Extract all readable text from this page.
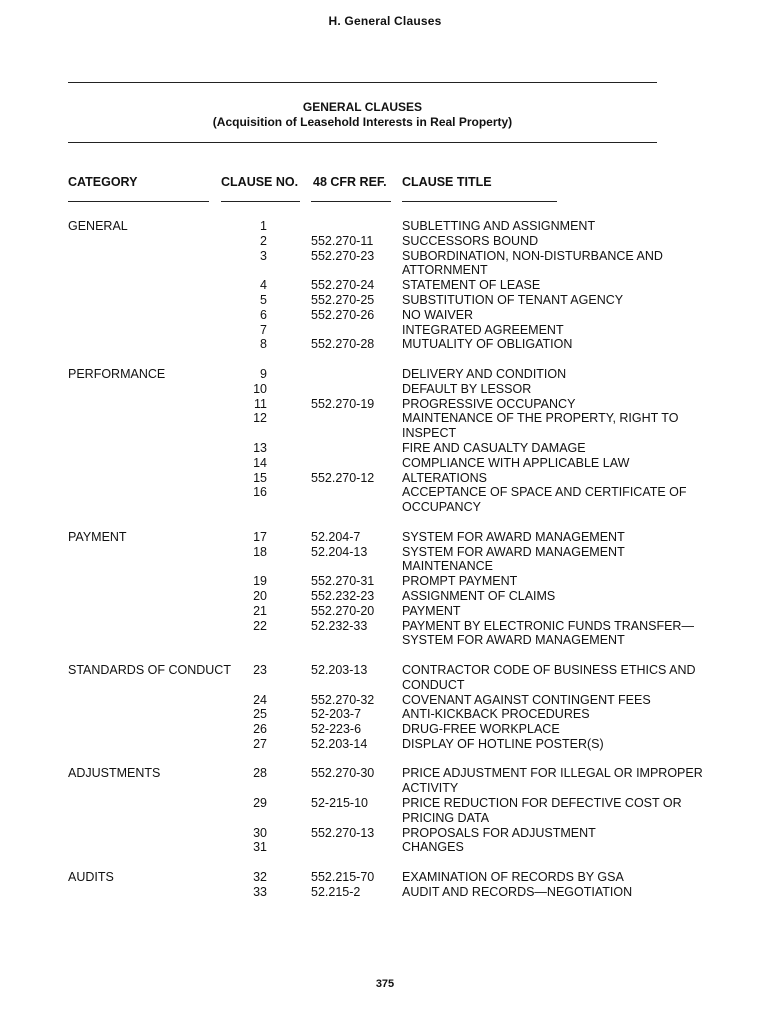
H. General Clauses
GENERAL CLAUSES
(Acquisition of Leasehold Interests in Real Property)
CATEGORY	CLAUSE NO. 48 CFR REF. CLAUSE TITLE
GENERAL	1	SUBLETTING AND ASSIGNMENT
2	552.270-11 SUCCESSORS BOUND
3	552.270-23 SUBORDINATION, NON-DISTURBANCE AND ATTORNMENT
4	552.270-24 STATEMENT OF LEASE
5	552.270-25 SUBSTITUTION OF TENANT AGENCY
6	552.270-26 NO WAIVER
7	INTEGRATED AGREEMENT
8	552.270-28 MUTUALITY OF OBLIGATION
PERFORMANCE	9	DELIVERY AND CONDITION
10	DEFAULT BY LESSOR
11	552.270-19 PROGRESSIVE OCCUPANCY
12	MAINTENANCE OF THE PROPERTY, RIGHT TO INSPECT
13	FIRE AND CASUALTY DAMAGE
14	COMPLIANCE WITH APPLICABLE LAW
15	552.270-12 ALTERATIONS
16	ACCEPTANCE OF SPACE AND CERTIFICATE OF OCCUPANCY
PAYMENT	17	52.204-7	SYSTEM FOR AWARD MANAGEMENT
18	52.204-13	SYSTEM FOR AWARD MANAGEMENT MAINTENANCE
19	552.270-31 PROMPT PAYMENT
20	552.232-23 ASSIGNMENT OF CLAIMS
21	552.270-20 PAYMENT
22	52.232-33	PAYMENT BY ELECTRONIC FUNDS TRANSFER—SYSTEM FOR AWARD MANAGEMENT
STANDARDS OF CONDUCT	23	52.203-13	CONTRACTOR CODE OF BUSINESS ETHICS AND CONDUCT
24	552.270-32 COVENANT AGAINST CONTINGENT FEES
25	52-203-7	ANTI-KICKBACK PROCEDURES
26	52-223-6	DRUG-FREE WORKPLACE
27	52.203-14	DISPLAY OF HOTLINE POSTER(S)
ADJUSTMENTS	28	552.270-30 PRICE ADJUSTMENT FOR ILLEGAL OR IMPROPER ACTIVITY
29	52-215-10	PRICE REDUCTION FOR DEFECTIVE COST OR PRICING DATA
30	552.270-13 PROPOSALS FOR ADJUSTMENT
31	CHANGES
AUDITS	32	552.215-70 EXAMINATION OF RECORDS BY GSA
33	52.215-2	AUDIT AND RECORDS—NEGOTIATION
375
